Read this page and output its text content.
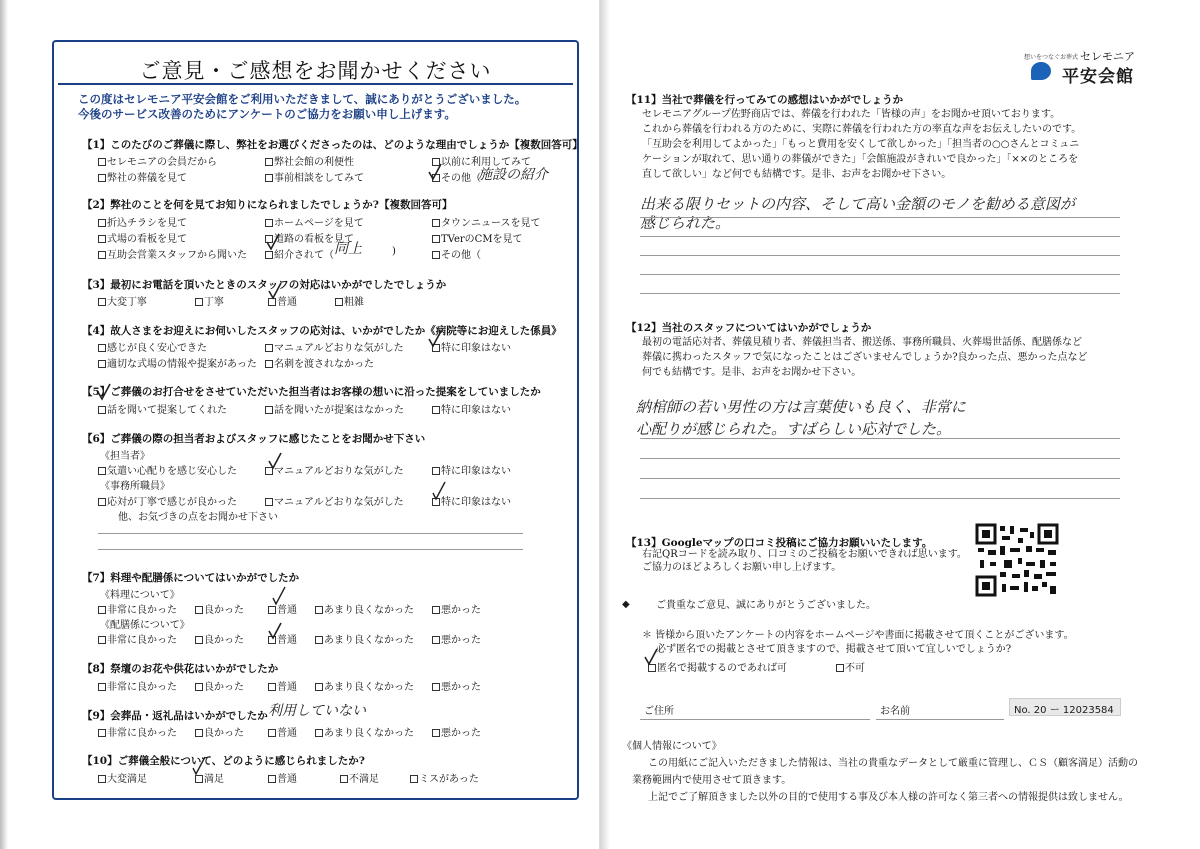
ご意見・ご感想をお聞かせください
この度はセレモニア平安会館をご利用いただきまして、誠にありがとうございました。
今後のサービス改善のためにアンケートのご協力をお願い申し上げます。
【1】このたびのご葬儀に際し、弊社をお選びくださったのは、どのような理由でしょうか【複数回答可】
セレモニアの会員だから	弊社会館の利便性	以前に利用してみて
弊社の葬儀を見て	事前相談をしてみて	その他（
施設の紹介
【2】弊社のことを何を見てお知りになられましたでしょうか?【複数回答可】
折込チラシを見て	ホームページを見て	タウンニュースを見て
式場の看板を見て	道路の看板を見て	TVerのCMを見て
互助会営業スタッフから聞いた	紹介されて（ 同上	)	その他（
【3】最初にお電話を頂いたときのスタッフの対応はいかがでしたでしょうか
大変丁寧	丁寧	普通	粗雑
【4】故人さまをお迎えにお伺いしたスタッフの応対は、いかがでしたか《病院等にお迎えした係員》
感じが良く安心できた	マニュアルどおりな気がした	特に印象はない
適切な式場の情報や提案があった	名刺を渡されなかった
【5】ご葬儀のお打合せをさせていただいた担当者はお客様の想いに沿った提案をしていましたか
話を聞いて提案してくれた	話を聞いたが提案はなかった	特に印象はない
【6】ご葬儀の際の担当者およびスタッフに感じたことをお聞かせ下さい
《担当者》
気遣い心配りを感じ安心した	マニュアルどおりな気がした	特に印象はない
《事務所職員》
応対が丁寧で感じが良かった	マニュアルどおりな気がした	特に印象はない
他、お気づきの点をお聞かせ下さい
【7】料理や配膳係についてはいかがでしたか
《料理について》
非常に良かった	良かった	普通	あまり良くなかった	悪かった
《配膳係について》
非常に良かった	良かった	普通	あまり良くなかった	悪かった
【8】祭壇のお花や供花はいかがでしたか
非常に良かった	良かった	普通	あまり良くなかった	悪かった
【9】会葬品・返礼品はいかがでしたか 利用していない
非常に良かった	良かった	普通	あまり良くなかった	悪かった
【10】ご葬儀全般について、どのように感じられましたか?
大変満足	満足	普通	不満足	ミスがあった
想いをつなぐお葬式 セレモニア
平安会館
【11】当社で葬儀を行ってみての感想はいかがでしょうか
セレモニアグループ佐野商店では、葬儀を行われた「皆様の声」をお聞かせ頂いております。
これから葬儀を行われる方のために、実際に葬儀を行われた方の率直な声をお伝えしたいのです。
「互助会を利用してよかった」「もっと費用を安くして欲しかった」「担当者の○○さんとコミュニ
ケーションが取れて、思い通りの葬儀ができた」「会館施設がきれいで良かった」「××のところを
直して欲しい」など何でも結構です。是非、お声をお聞かせ下さい。
出来る限りセットの内容、そして高い金額のモノを勧める意図が
感じられた。
【12】当社のスタッフについてはいかがでしょうか
最初の電話応対者、葬儀見積り者、葬儀担当者、搬送係、事務所職員、火葬場世話係、配膳係など
葬儀に携わったスタッフで気になったことはございませんでしょうか?良かった点、悪かった点など
何でも結構です。是非、お声をお聞かせ下さい。
納棺師の若い男性の方は言葉使いも良く、非常に
心配りが感じられた。すばらしい応対でした。
【13】Googleマップの口コミ投稿にご協力お願いいたします。
右記QRコードを読み取り、口コミのご投稿をお願いできれば思います。
ご協力のほどよろしくお願い申し上げます。
◆	ご貴重なご意見、誠にありがとうございました。
＊ 皆様から頂いたアンケートの内容をホームページや書面に掲載させて頂くことがございます。
必ず匿名での掲載とさせて頂きますので、掲載させて頂いて宜しいでしょうか?
匿名で掲載するのであれば可	不可
ご住所	お名前	No. 20 ー 12023584
《個人情報について》
この用紙にご記入いただきました情報は、当社の貴重なデータとして厳重に管理し、ＣＳ（顧客満足）活動の
業務範囲内で使用させて頂きます。
上記でご了解頂きました以外の目的で使用する事及び本人様の許可なく第三者への情報提供は致しません。
